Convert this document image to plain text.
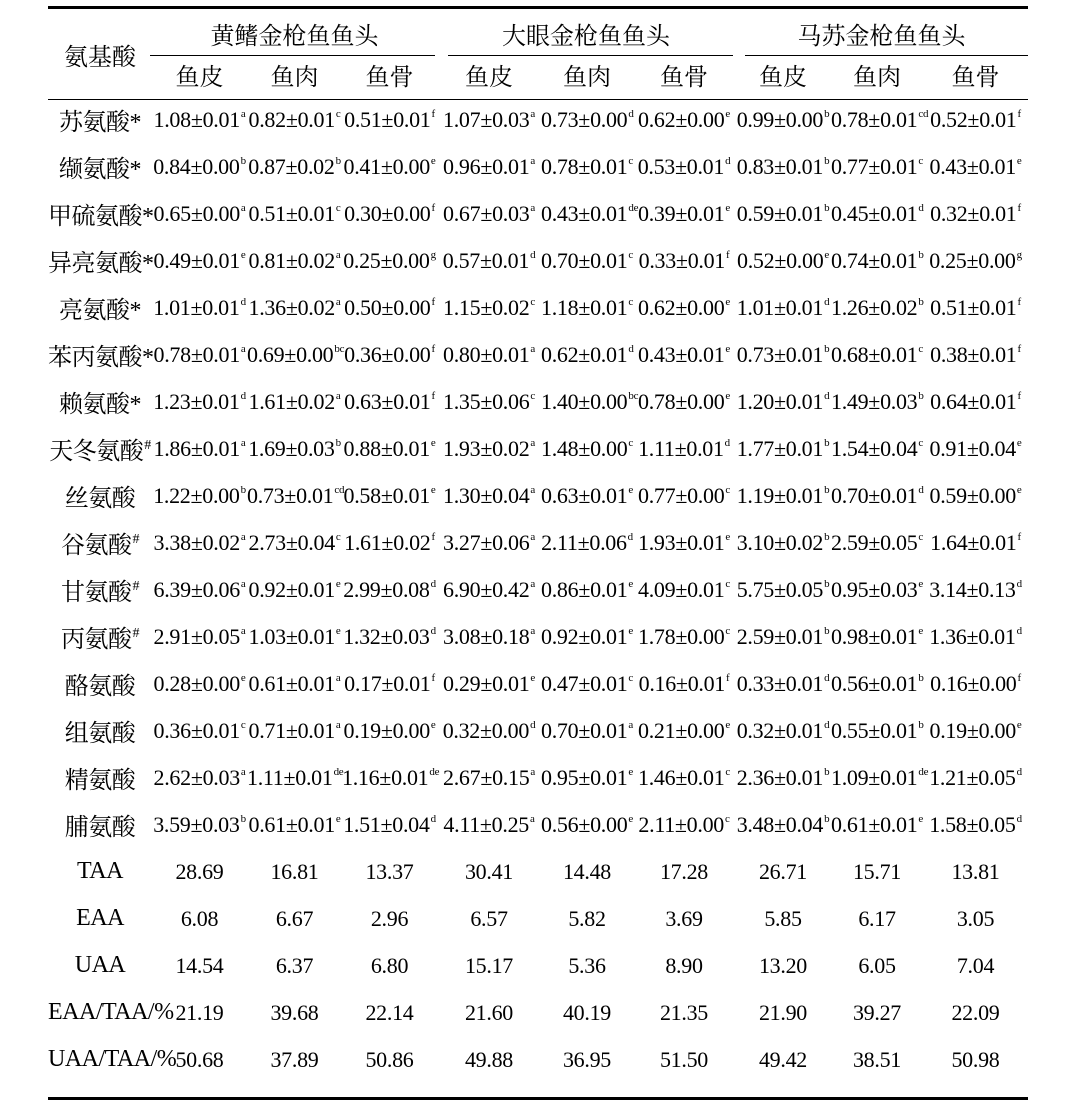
氨基酸	黄鳍金枪鱼鱼头			大眼金枪鱼鱼头			马苏金枪鱼鱼头		
	鱼皮	鱼肉	鱼骨	鱼皮	鱼肉	鱼骨	鱼皮	鱼肉	鱼骨
苏氨酸*	1.08±0.01$^a$	0.82±0.01$^c$	0.51±0.01$^f$	1.07±0.03$^a$	0.73±0.00$^d$	0.62±0.00$^e$	0.99±0.00$^b$	0.78±0.01$^{cd}$	0.52±0.01$^f$
缬氨酸*	0.84±0.00$^b$	0.87±0.02$^b$	0.41±0.00$^e$	0.96±0.01$^a$	0.78±0.01$^c$	0.53±0.01$^d$	0.83±0.01$^b$	0.77±0.01$^c$	0.43±0.01$^e$
甲硫氨酸*	0.65±0.00$^a$	0.51±0.01$^c$	0.30±0.00$^f$	0.67±0.03$^a$	0.43±0.01de	0.39±0.01$^e$	0.59±0.01$^b$	0.45±0.01$^d$	0.32±0.01$^f$
异亮氨酸*	0.49±0.01$^e$	0.81±0.02$^a$	0.25±0.00$^g$	0.57±0.01$^d$	0.70±0.01$^c$	0.33±0.01$^f$	0.52±0.00$^e$	0.74±0.01$^b$	0.25±0.00$^g$
亮氨酸*	1.01±0.01$^d$	1.36±0.02$^a$	0.50±0.00$^f$	1.15±0.02$^c$	1.18±0.01$^c$	0.62±0.00$^e$	1.01±0.01$^d$	1.26±0.02$^b$	0.51±0.01$^f$
苯丙氨酸*	0.78±0.01$^a$	0.69±0.00$^{bc}$	0.36±0.00$^f$	0.80±0.01$^a$	0.62±0.01$^d$	0.43±0.01$^e$	0.73±0.01$^b$	0.68±0.01$^c$	0.38±0.01$^f$
赖氨酸*	1.23±0.01$^d$	1.61±0.02$^a$	0.63±0.01$^f$	1.35±0.06$^c$	1.40±0.00$^{bc}$	0.78±0.00$^e$	1.20±0.01$^d$	1.49±0.03$^b$	0.64±0.01$^f$
天冬氨酸#	1.86±0.01$^a$	1.69±0.03$^b$	0.88±0.01$^e$	1.93±0.02$^a$	1.48±0.00$^c$	1.11±0.01$^d$	1.77±0.01$^b$	1.54±0.04$^c$	0.91±0.04$^e$
丝氨酸	1.22±0.00$^b$	0.73±0.01$^{cd}$	0.58±0.01$^e$	1.30±0.04$^a$	0.63±0.01$^e$	0.77±0.00$^c$	1.19±0.01$^b$	0.70±0.01$^d$	0.59±0.00$^e$
谷氨酸#	3.38±0.02$^a$	2.73±0.04$^c$	1.61±0.02$^f$	3.27±0.06$^a$	2.11±0.06$^d$	1.93±0.01$^e$	3.10±0.02$^b$	2.59±0.05$^c$	1.64±0.01$^f$
甘氨酸#	6.39±0.06$^a$	0.92±0.01$^e$	2.99±0.08$^d$	6.90±0.42$^a$	0.86±0.01$^e$	4.09±0.01$^c$	5.75±0.05$^b$	0.95±0.03$^e$	3.14±0.13$^d$
丙氨酸#	2.91±0.05$^a$	1.03±0.01$^e$	1.32±0.03$^d$	3.08±0.18$^a$	0.92±0.01$^e$	1.78±0.00$^c$	2.59±0.01$^b$	0.98±0.01$^e$	1.36±0.01$^d$
酪氨酸	0.28±0.00$^e$	0.61±0.01$^a$	0.17±0.01$^f$	0.29±0.01$^e$	0.47±0.01$^c$	0.16±0.01$^f$	0.33±0.01$^d$	0.56±0.01$^b$	0.16±0.00$^f$
组氨酸	0.36±0.01$^c$	0.71±0.01$^a$	0.19±0.00$^e$	0.32±0.00$^d$	0.70±0.01$^a$	0.21±0.00$^e$	0.32±0.01$^d$	0.55±0.01$^b$	0.19±0.00$^e$
精氨酸	2.62±0.03$^a$	1.11±0.01de	1.16±0.01de	2.67±0.15$^a$	0.95±0.01$^e$	1.46±0.01$^c$	2.36±0.01$^b$	1.09±0.01de	1.21±0.05$^d$
脯氨酸	3.59±0.03$^b$	0.61±0.01$^e$	1.51±0.04$^d$	4.11±0.25$^a$	0.56±0.00$^e$	2.11±0.00$^c$	3.48±0.04$^b$	0.61±0.01$^e$	1.58±0.05$^d$
TAA	28.69	16.81	13.37	30.41	14.48	17.28	26.71	15.71	13.81
EAA	6.08	6.67	2.96	6.57	5.82	3.69	5.85	6.17	3.05
UAA	14.54	6.37	6.80	15.17	5.36	8.90	13.20	6.05	7.04
EAA/TAA/%	21.19	39.68	22.14	21.60	40.19	21.35	21.90	39.27	22.09
UAA/TAA/%	50.68	37.89	50.86	49.88	36.95	51.50	49.42	38.51	50.98
